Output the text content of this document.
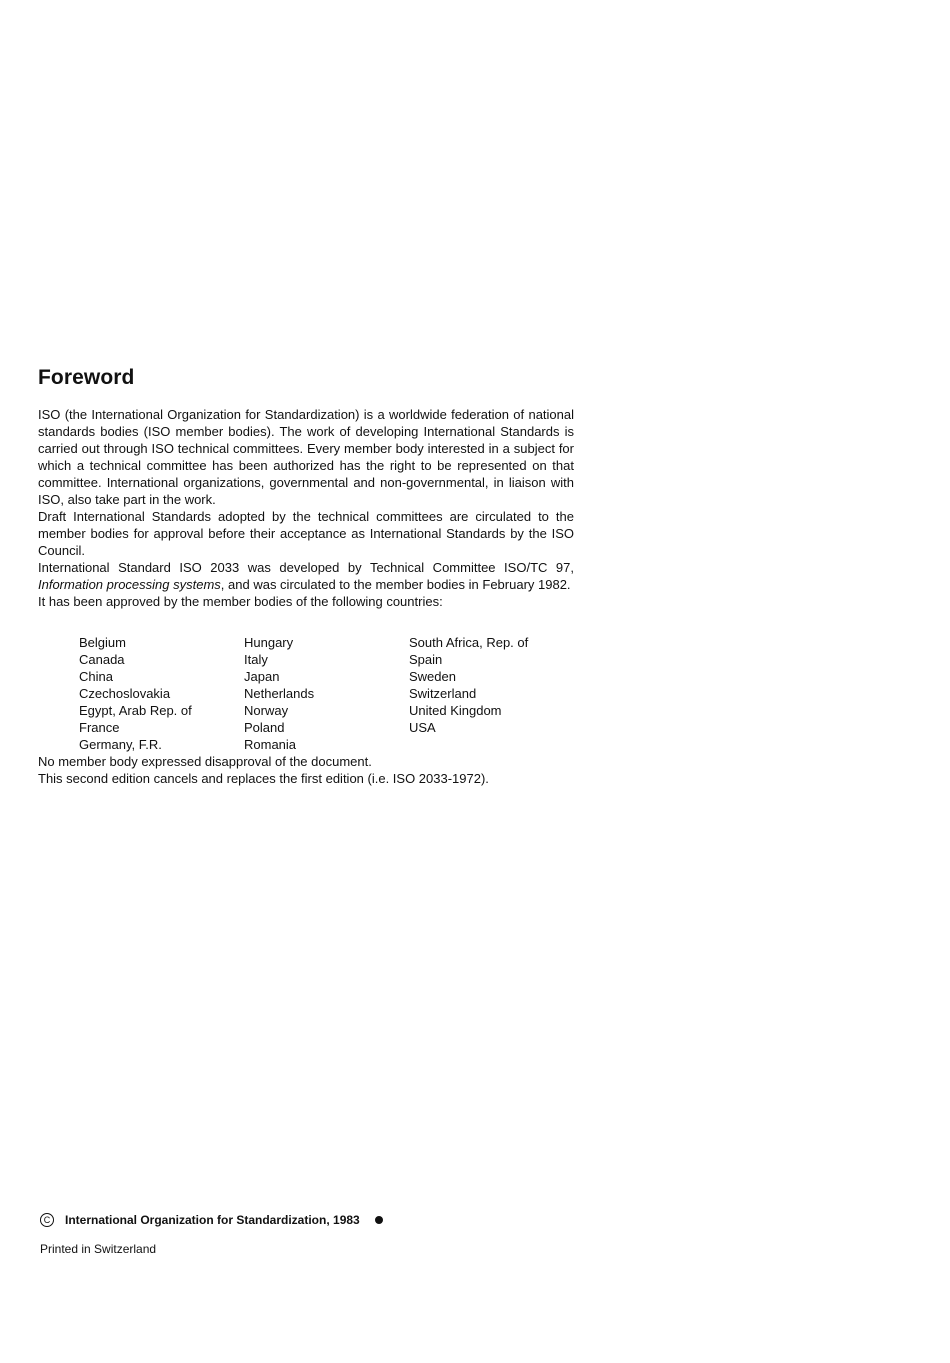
Foreword

ISO (the International Organization for Standardization) is a worldwide federation of national standards bodies (ISO member bodies). The work of developing International Standards is carried out through ISO technical committees. Every member body interested in a subject for which a technical committee has been authorized has the right to be represented on that committee. International organizations, governmental and non-governmental, in liaison with ISO, also take part in the work.

Draft International Standards adopted by the technical committees are circulated to the member bodies for approval before their acceptance as International Standards by the ISO Council.

International Standard ISO 2033 was developed by Technical Committee ISO/TC 97, Information processing systems, and was circulated to the member bodies in February 1982.

It has been approved by the member bodies of the following countries:

Belgium
Canada
China
Czechoslovakia
Egypt, Arab Rep. of
France
Germany, F.R.
Hungary
Italy
Japan
Netherlands
Norway
Poland
Romania
South Africa, Rep. of
Spain
Sweden
Switzerland
United Kingdom
USA

No member body expressed disapproval of the document.

This second edition cancels and replaces the first edition (i.e. ISO 2033-1972).

C	International Organization for Standardization, 1983
Printed in Switzerland
